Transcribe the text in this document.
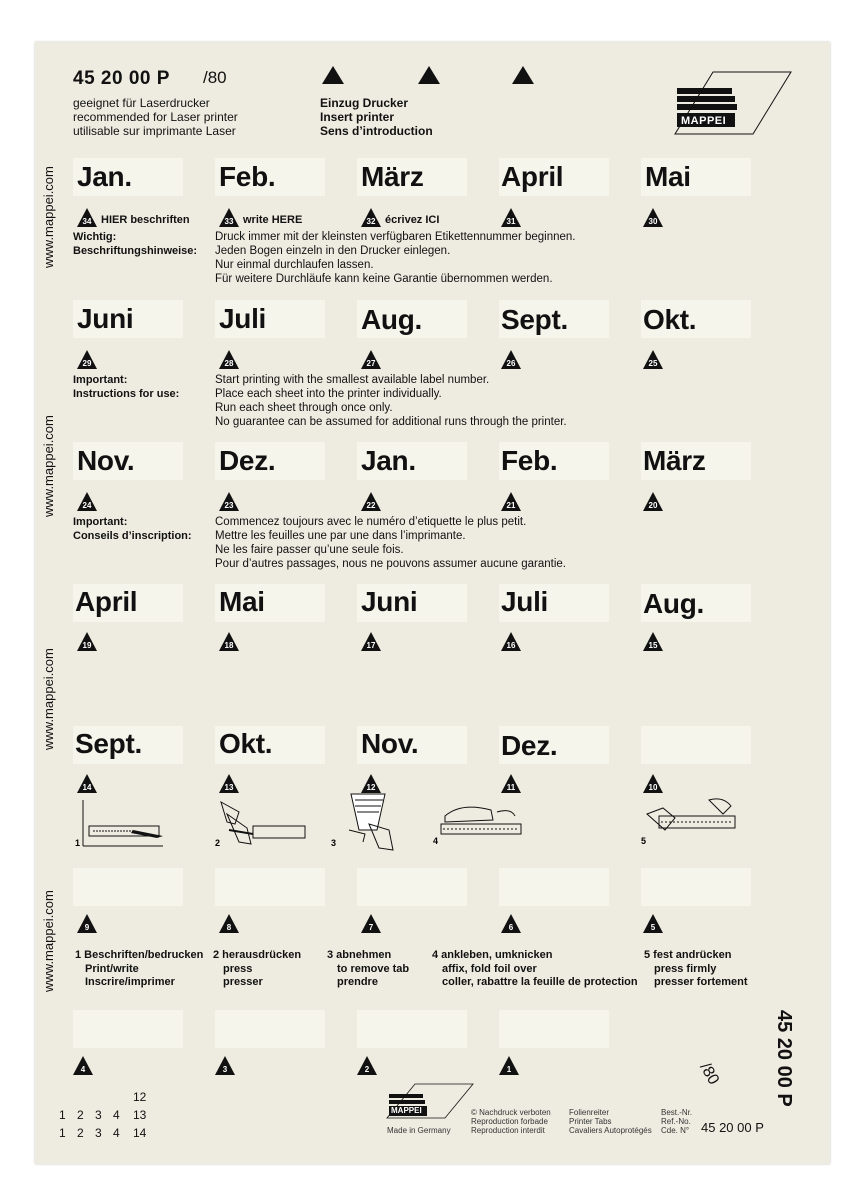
45 20 00 P /80
geeignet für Laserdrucker
recommended for Laser printer
utilisable sur imprimante Laser
Einzug Drucker
Insert printer
Sens d’introduction
MAPPEI
www.mappei.com
www.mappei.com
www.mappei.com
www.mappei.com
Jan.	Feb.	März	April	Mai
34 HIER beschriften	33 write HERE	32 écrivez ICI	31	30
Wichtig:
Beschriftungshinweise:
Druck immer mit der kleinsten verfügbaren Etikettennummer beginnen.
Jeden Bogen einzeln in den Drucker einlegen.
Nur einmal durchlaufen lassen.
Für weitere Durchläufe kann keine Garantie übernommen werden.
Juni	Juli	Aug.	Sept.	Okt.
29	28	27	26	25
Important:
Instructions for use:
Start printing with the smallest available label number.
Place each sheet into the printer individually.
Run each sheet through once only.
No guarantee can be assumed for additional runs through the printer.
Nov.	Dez.	Jan.	Feb.	März
24	23	22	21	20
Important:
Conseils d’inscription:
Commencez toujours avec le numéro d’etiquette le plus petit.
Mettre les feuilles une par une dans l’imprimante.
Ne les faire passer qu’une seule fois.
Pour d’autres passages, nous ne pouvons assumer aucune garantie.
April	Mai	Juni	Juli	Aug.
19	18	17	16	15
Sept.	Okt.	Nov.	Dez.
14	13	12	11	10
1	2	3	4	5
9	8	7	6	5
1 Beschriften/bedrucken
Print/write
Inscrire/imprimer
2 herausdrücken
press
presser
3 abnehmen
to remove tab
prendre
4 ankleben, umknicken
affix, fold foil over
coller, rabattre la feuille de protection
5 fest andrücken
press firmly
presser fortement
4	3	2	1	45 20 00 P
/80
12
1 2 3 4 13
1 2 3 4 14
MAPPEI
Made in Germany
© Nachdruck verboten
Reproduction forbade
Reproduction interdit
Folienreiter
Printer Tabs
Cavaliers Autoprotégés
Best.-Nr.
Ref.-No.
Cde. N° 45 20 00 P
